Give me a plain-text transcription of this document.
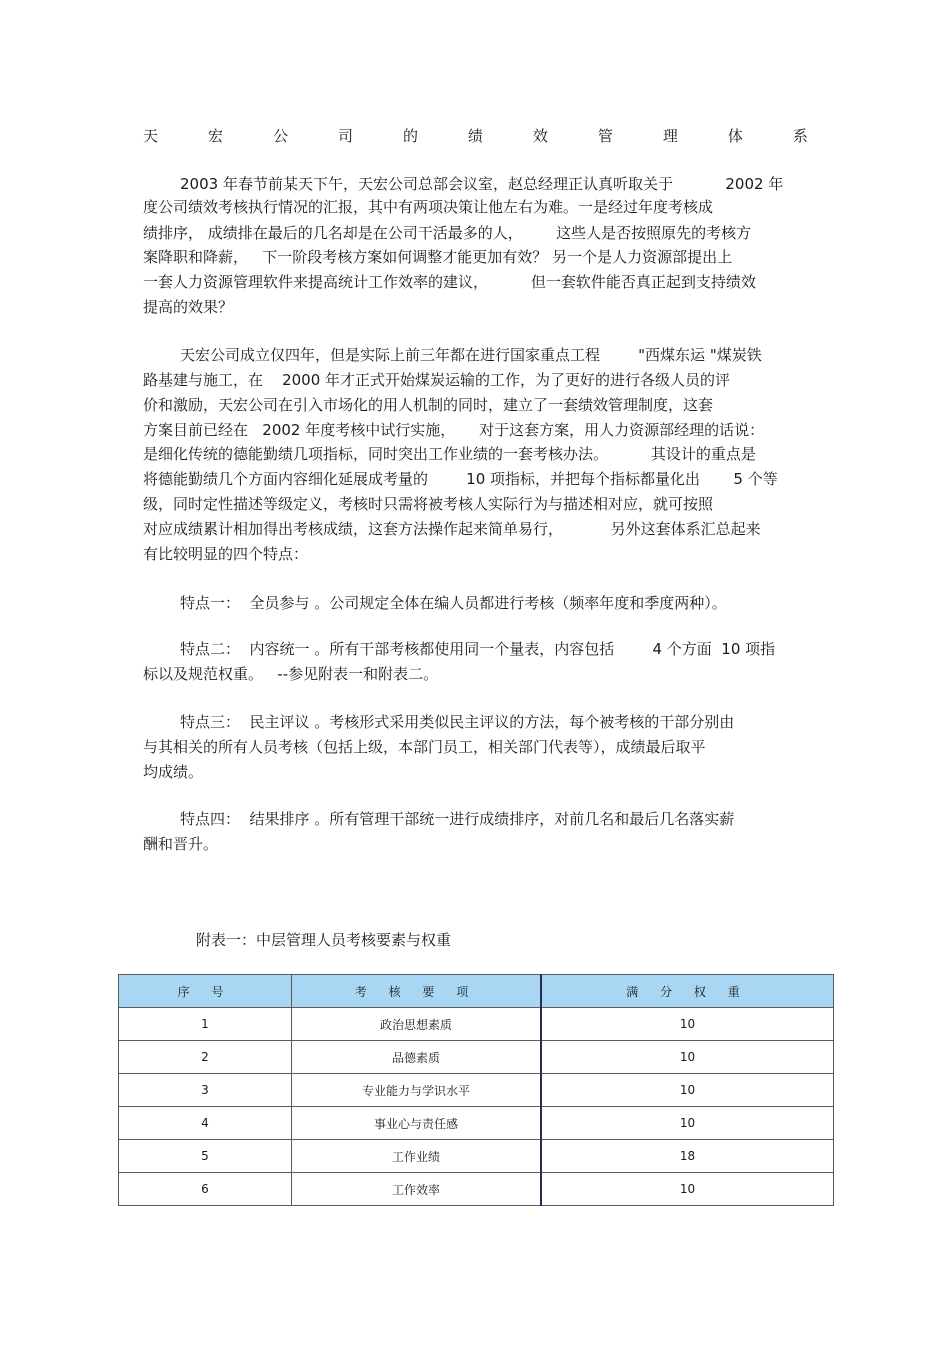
天	宏	公	司	的	绩	效	管	理	体	系
2003 年春节前某天下午，天宏公司总部会议室，赵总经理正认真听取关于           2002 年
度公司绩效考核执行情况的汇报，其中有两项决策让他左右为难。一是经过年度考核成
绩排序， 成绩排在最后的几名却是在公司干活最多的人，       这些人是否按照原先的考核方
案降职和降薪，   下一阶段考核方案如何调整才能更加有效？ 另一个是人力资源部提出上
一套人力资源管理软件来提高统计工作效率的建议，         但一套软件能否真正起到支持绩效
提高的效果？
天宏公司成立仅四年，但是实际上前三年都在进行国家重点工程        "西煤东运 "煤炭铁
路基建与施工，在    2000 年才正式开始煤炭运输的工作，为了更好的进行各级人员的评
价和激励，天宏公司在引入市场化的用人机制的同时，建立了一套绩效管理制度，这套
方案目前已经在   2002 年度考核中试行实施，     对于这套方案，用人力资源部经理的话说：
是细化传统的德能勤绩几项指标，同时突出工作业绩的一套考核办法。         其设计的重点是
将德能勤绩几个方面内容细化延展成考量的        10 项指标，并把每个指标都量化出       5 个等
级，同时定性描述等级定义，考核时只需将被考核人实际行为与描述相对应，就可按照
对应成绩累计相加得出考核成绩，这套方法操作起来简单易行，          另外这套体系汇总起来
有比较明显的四个特点：
特点一：  全员参与 。公司规定全体在编人员都进行考核（频率年度和季度两种）。
特点二：  内容统一 。所有干部考核都使用同一个量表，内容包括        4 个方面  10 项指
标以及规范权重。   --参见附表一和附表二。
特点三：  民主评议 。考核形式采用类似民主评议的方法，每个被考核的干部分别由
与其相关的所有人员考核（包括上级，本部门员工，相关部门代表等），成绩最后取平
均成绩。
特点四：  结果排序 。所有管理干部统一进行成绩排序，对前几名和最后几名落实薪
酬和晋升。
附表一：中层管理人员考核要素与权重
序 号	考 核 要 项	满 分 权 重
1	政治思想素质	10
2	品德素质	10
3	专业能力与学识水平	10
4	事业心与责任感	10
5	工作业绩	18
6	工作效率	10
